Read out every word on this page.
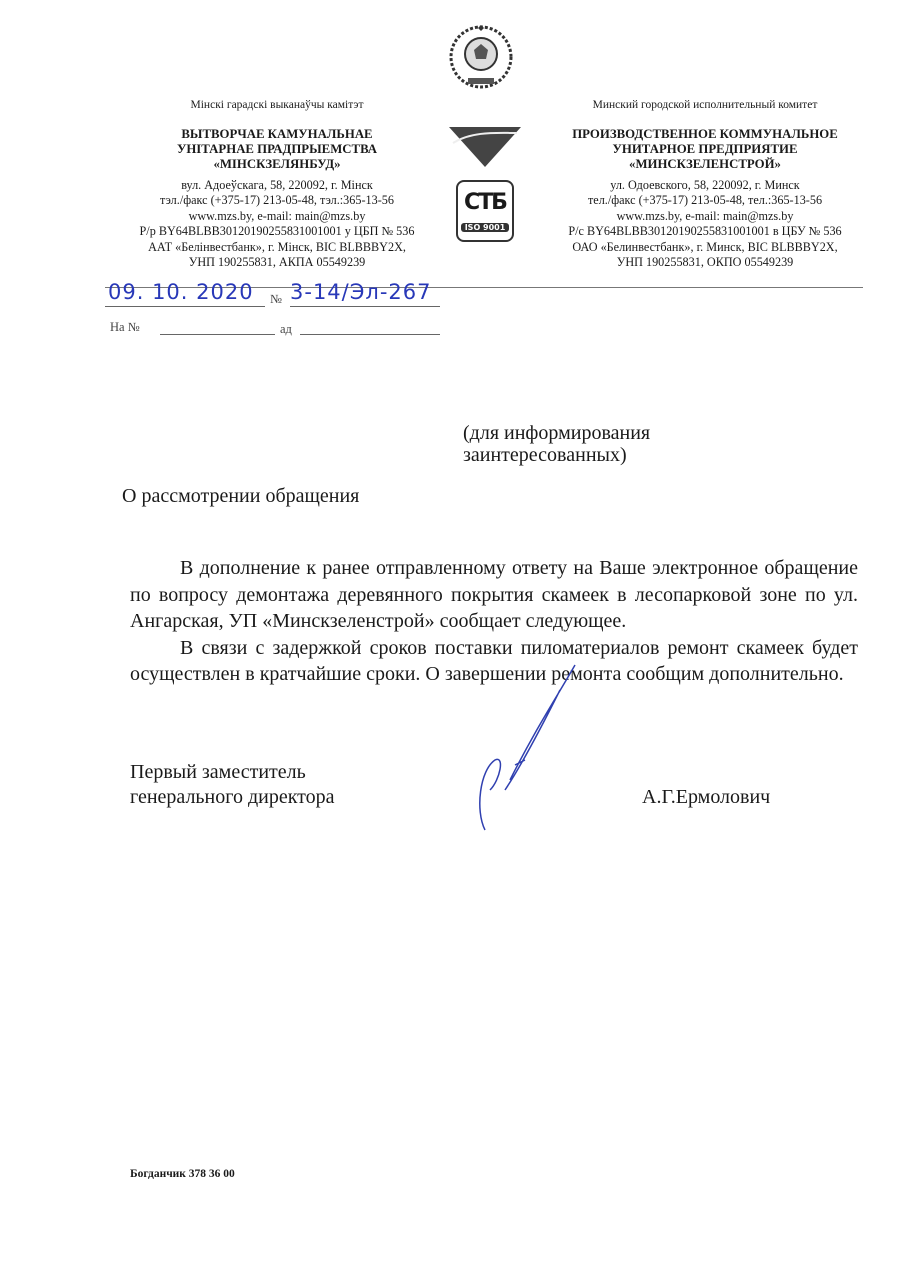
Мінскі гарадскі выканаўчы камітэт
ВЫТВОРЧАЕ КАМУНАЛЬНАЕ
УНІТАРНАЕ ПРАДПРЫЕМСТВА
«МІНСКЗЕЛЯНБУД»
вул. Адоеўскага, 58, 220092, г. Мінск
тэл./факс (+375-17) 213-05-48, тэл.:365-13-56
www.mzs.by, e-mail: main@mzs.by
Р/р BY64BLBB30120190255831001001 у ЦБП № 536
ААТ «Белінвестбанк», г. Мінск, BIC BLBBBY2X,
УНП 190255831, АКПА 05549239
Минский городской исполнительный комитет
ПРОИЗВОДСТВЕННОЕ КОММУНАЛЬНОЕ
УНИТАРНОЕ ПРЕДПРИЯТИЕ
«МИНСКЗЕЛЕНСТРОЙ»
ул. Одоевского, 58, 220092, г. Минск
тел./факс (+375-17) 213-05-48, тел.:365-13-56
www.mzs.by, e-mail: main@mzs.by
Р/с BY64BLBB30120190255831001001 в ЦБУ № 536
ОАО «Белинвестбанк», г. Минск, BIC BLBBBY2X,
УНП 190255831, ОКПО 05549239
СТБ
ISO 9001
09. 10. 2020 № 3-14/Эл-267
На №	ад
(для информирования
заинтересованных)
О рассмотрении обращения

В дополнение к ранее отправленному ответу на Ваше электронное обращение по вопросу демонтажа деревянного покрытия скамеек в лесопарковой зоне по ул. Ангарская, УП «Минскзеленстрой» сообщает следующее.

В связи с задержкой сроков поставки пиломатериалов ремонт скамеек будет осуществлен в кратчайшие сроки. О завершении ремонта сообщим дополнительно.

Первый заместитель
генерального директора	А.Г.Ермолович
Богданчик 378 36 00
